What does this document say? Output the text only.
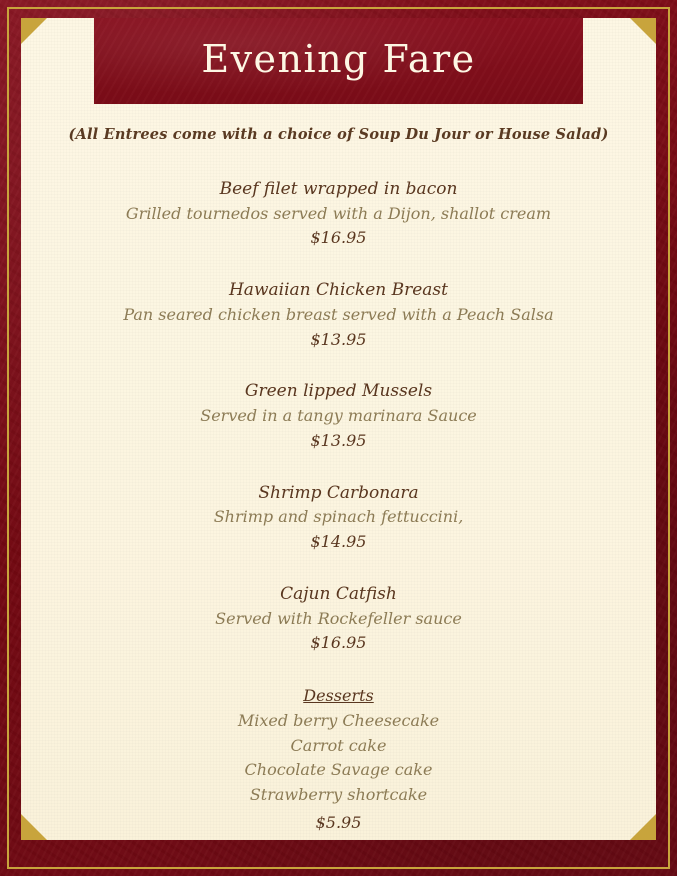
Evening Fare

(All Entrees come with a choice of Soup Du Jour or House Salad)

Beef filet wrapped in bacon
Grilled tournedos served with a Dijon, shallot cream
$16.95
Hawaiian Chicken Breast
Pan seared chicken breast served with a Peach Salsa
$13.95
Green lipped Mussels
Served in a tangy marinara Sauce
$13.95
Shrimp Carbonara
Shrimp and spinach fettuccini,
$14.95
Cajun Catfish
Served with Rockefeller sauce
$16.95
Desserts
Mixed berry Cheesecake
Carrot cake
Chocolate Savage cake
Strawberry shortcake
$5.95
